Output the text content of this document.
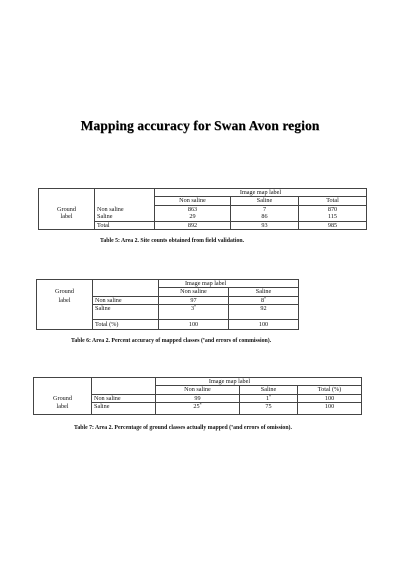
Mapping accuracy for Swan Avon region
		Image map label		
		Non saline	Saline	Total
Ground	Non saline	863	7	870
label	Saline	29	86	115
	Total	892	93	985
Table 5: Area 2. Site counts obtained from field validation.
		Image map label	
Ground		Non saline	Saline
label	Non saline	97	8*
	Saline	3*	92
	Total (%)	100	100
Table 6: Area 2. Percent accuracy of mapped classes (*and errors of commission).
		Image map label		
		Non saline	Saline	Total (%)
Ground	Non saline	99	1*	100
label	Saline	25*	75	100
Table 7: Area 2. Percentage of ground classes actually mapped (*and errors of omission).
